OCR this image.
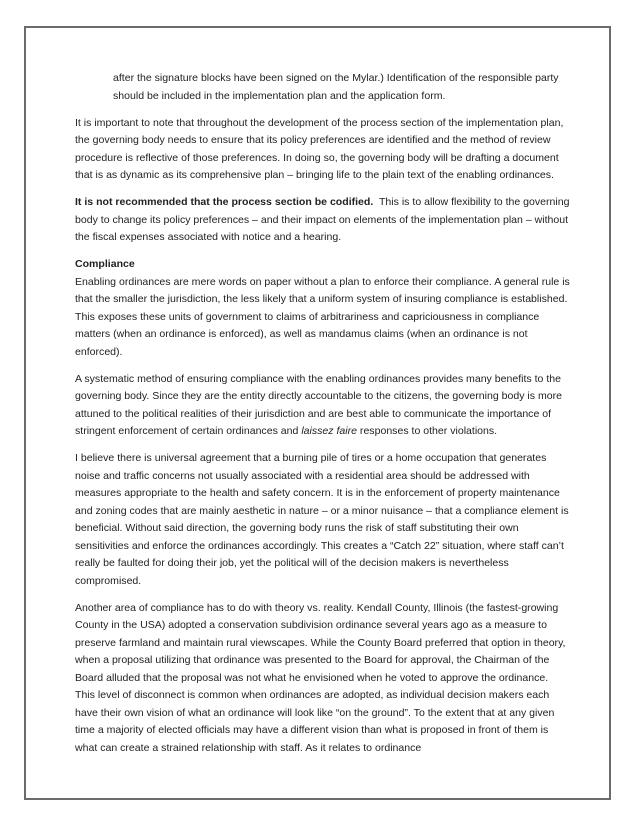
after the signature blocks have been signed on the Mylar.) Identification of the responsible party should be included in the implementation plan and the application form.

It is important to note that throughout the development of the process section of the implementation plan, the governing body needs to ensure that its policy preferences are identified and the method of review procedure is reflective of those preferences. In doing so, the governing body will be drafting a document that is as dynamic as its comprehensive plan – bringing life to the plain text of the enabling ordinances.

It is not recommended that the process section be codified.  This is to allow flexibility to the governing body to change its policy preferences – and their impact on elements of the implementation plan – without the fiscal expenses associated with notice and a hearing.

Compliance

Enabling ordinances are mere words on paper without a plan to enforce their compliance. A general rule is that the smaller the jurisdiction, the less likely that a uniform system of insuring compliance is established. This exposes these units of government to claims of arbitrariness and capriciousness in compliance matters (when an ordinance is enforced), as well as mandamus claims (when an ordinance is not enforced).

A systematic method of ensuring compliance with the enabling ordinances provides many benefits to the governing body. Since they are the entity directly accountable to the citizens, the governing body is more attuned to the political realities of their jurisdiction and are best able to communicate the importance of stringent enforcement of certain ordinances and laissez faire responses to other violations.

I believe there is universal agreement that a burning pile of tires or a home occupation that generates noise and traffic concerns not usually associated with a residential area should be addressed with measures appropriate to the health and safety concern. It is in the enforcement of property maintenance and zoning codes that are mainly aesthetic in nature – or a minor nuisance – that a compliance element is beneficial. Without said direction, the governing body runs the risk of staff substituting their own sensitivities and enforce the ordinances accordingly. This creates a “Catch 22” situation, where staff can’t really be faulted for doing their job, yet the political will of the decision makers is nevertheless compromised.

Another area of compliance has to do with theory vs. reality. Kendall County, Illinois (the fastest-growing County in the USA) adopted a conservation subdivision ordinance several years ago as a measure to preserve farmland and maintain rural viewscapes. While the County Board preferred that option in theory, when a proposal utilizing that ordinance was presented to the Board for approval, the Chairman of the Board alluded that the proposal was not what he envisioned when he voted to approve the ordinance. This level of disconnect is common when ordinances are adopted, as individual decision makers each have their own vision of what an ordinance will look like “on the ground”. To the extent that at any given time a majority of elected officials may have a different vision than what is proposed in front of them is what can create a strained relationship with staff. As it relates to ordinance
